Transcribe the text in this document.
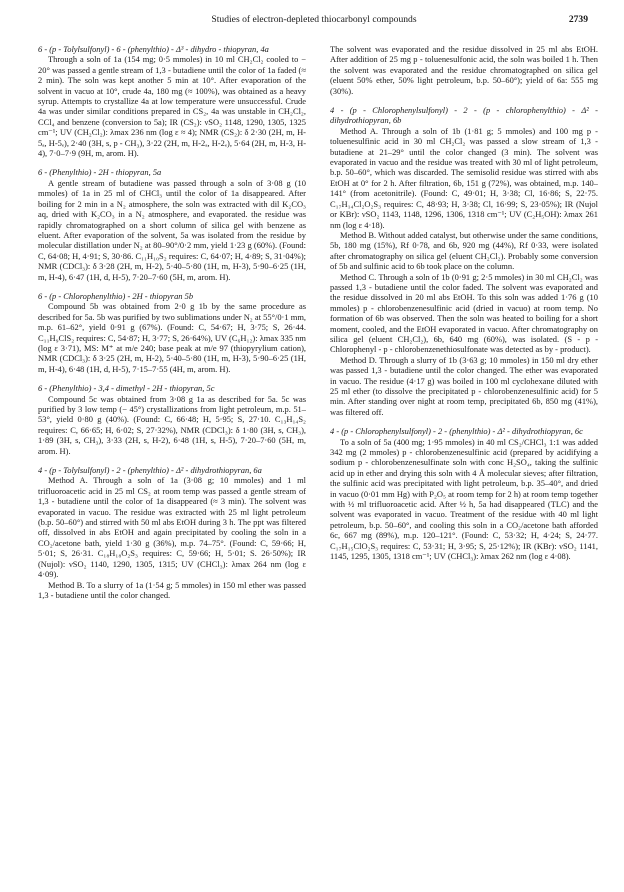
Studies of electron-depleted thiocarbonyl compounds	2739
6 - (p - Tolylsulfonyl) - 6 - (phenylthio) - Δ³ - dihydro - thiopyran, 4a

Through a soln of 1a (154 mg; 0·5 mmoles) in 10 ml CH₂Cl₂ cooled to − 20° was passed a gentle stream of 1,3 - butadiene until the color of 1a faded (≈ 2 min). The soln was kept another 5 min at 10°. After evaporation of the solvent in vacuo at 10°, crude 4a, 180 mg (≈ 100%), was obtained as a heavy syrup. Attempts to crystallize 4a at low temperature were unsuccessful. Crude 4a was under similar conditions prepared in CS₂, 4a was unstable in CH₂Cl₂, CCl₄ and benzene (conversion to 5a); IR (CS₂): νSO₂ 1148, 1290, 1305, 1325 cm⁻¹; UV (CH₂Cl₂): λmax 236 nm (log ε ≈ 4); NMR (CS₂): δ 2·30 (2H, m, H-5ₐ, H-5ₑ), 2·40 (3H, s, p - CH₃), 3·22 (2H, m, H-2ₐ, H-2ₑ), 5·64 (2H, m, H-3, H-4), 7·0–7·9 (9H, m, arom. H).

6 - (Phenylthio) - 2H - thiopyran, 5a

A gentle stream of butadiene was passed through a soln of 3·08 g (10 mmoles) of 1a in 25 ml of CHCl₃ until the color of 1a disappeared. After boiling for 2 min in a N₂ atmosphere, the soln was extracted with dil K₂CO₃ aq, dried with K₂CO₃ in a N₂ atmosphere, and evaporated. the residue was rapidly chromatographed on a short column of silica gel with benzene as eluent. After evaporation of the solvent, 5a was isolated from the residue by molecular distillation under N₂ at 80–90°/0·2 mm, yield 1·23 g (60%). (Found: C, 64·08; H, 4·91; S, 30·86. C₁₁H₁₀S₂ requires: C, 64·07; H, 4·89; S, 31·04%); NMR (CDCl₃): δ 3·28 (2H, m, H-2), 5·40–5·80 (1H, m, H-3), 5·90–6·25 (1H, m, H-4), 6·47 (1H, d, H-5), 7·20–7·60 (5H, m, arom. H).

6 - (p - Chlorophenylthio) - 2H - thiopyran 5b

Compound 5b was obtained from 2·0 g 1b by the same procedure as described for 5a. 5b was purified by two sublimations under N₂ at 55°/0·1 mm, m.p. 61–62°, yield 0·91 g (67%). (Found: C, 54·67; H, 3·75; S, 26·44. C₁₁H₉ClS₂ requires: C, 54·87; H, 3·77; S, 26·64%), UV (C₆H₁₂): λmax 335 nm (log ε 3·71), MS: M⁺ at m/e 240; base peak at m/e 97 (thiopyrylium cation), NMR (CDCl₃): δ 3·25 (2H, m, H-2), 5·40–5·80 (1H, m, H-3), 5·90–6·25 (1H, m, H-4), 6·48 (1H, d, H-5), 7·15–7·55 (4H, m, arom. H).

6 - (Phenylthio) - 3,4 - dimethyl - 2H - thiopyran, 5c

Compound 5c was obtained from 3·08 g 1a as described for 5a. 5c was purified by 3 low temp (− 45°) crystallizations from light petroleum, m.p. 51–53°, yield 0·80 g (40%). (Found: C, 66·48; H, 5·95; S, 27·10. C₁₃H₁₄S₂ requires: C, 66·65; H, 6·02; S, 27·32%), NMR (CDCl₃): δ 1·80 (3H, s, CH₃), 1·89 (3H, s, CH₃), 3·33 (2H, s, H-2), 6·48 (1H, s, H-5), 7·20–7·60 (5H, m, arom. H).

4 - (p - Tolylsulfonyl) - 2 - (phenylthio) - Δ² - dihydrothiopyran, 6a

Method A. Through a soln of 1a (3·08 g; 10 mmoles) and 1 ml trifluoroacetic acid in 25 ml CS₂ at room temp was passed a gentle stream of 1,3 - butadiene until the color of 1a disappeared (≈ 3 min). The solvent was evaporated in vacuo. The residue was extracted with 25 ml light petroleum (b.p. 50–60°) and stirred with 50 ml abs EtOH during 3 h. The ppt was filtered off, dissolved in abs EtOH and again precipitated by cooling the soln in a CO₂/acetone bath, yield 1·30 g (36%), m.p. 74–75°. (Found: C, 59·66; H, 5·01; S, 26·31. C₁₈H₁₈O₂S₃ requires: C, 59·66; H, 5·01; S. 26·50%); IR (Nujol): νSO₂ 1140, 1290, 1305, 1315; UV (CHCl₃): λmax 264 nm (log ε 4·09).

Method B. To a slurry of 1a (1·54 g; 5 mmoles) in 150 ml ether was passed 1,3 - butadiene until the color changed.

The solvent was evaporated and the residue dissolved in 25 ml abs EtOH. After addition of 25 mg p - toluenesulfonic acid, the soln was boiled 1 h. Then the solvent was evaporated and the residue chromatographed on silica gel (eluent 50% ether, 50% light petroleum, b.p. 50–60°); yield of 6a: 555 mg (30%).

4 - (p - Chlorophenylsulfonyl) - 2 - (p - chlorophenylthio) - Δ² - dihydrothiopyran, 6b

Method A. Through a soln of 1b (1·81 g; 5 mmoles) and 100 mg p - toluenesulfinic acid in 30 ml CH₂Cl₂ was passed a slow stream of 1,3 - butadiene at 21–29° until the color changed (3 min). The solvent was evaporated in vacuo and the residue was treated with 30 ml of light petroleum, b.p. 50–60°, which was discarded. The semisolid residue was stirred with abs EtOH at 0° for 2 h. After filtration, 6b, 151 g (72%), was obtained, m.p. 140–141° (from acetonitrile). (Found: C, 49·01; H, 3·38; Cl, 16·86; S, 22·75. C₁₇H₁₄Cl₂O₂S₃ requires: C, 48·93; H, 3·38; Cl, 16·99; S, 23·05%); IR (Nujol or KBr): νSO₂ 1143, 1148, 1296, 1306, 1318 cm⁻¹; UV (C₂H₅OH): λmax 261 nm (log ε 4·18).

Method B. Without added catalyst, but otherwise under the same conditions, 5b, 180 mg (15%), Rf 0·78, and 6b, 920 mg (44%), Rf 0·33, were isolated after chromatography on silica gel (eluent CH₂Cl₂). Probably some conversion of 5b and sulfinic acid to 6b took place on the column.

Method C. Through a soln of 1b (0·91 g; 2·5 mmoles) in 30 ml CH₂Cl₂ was passed 1,3 - butadiene until the color faded. The solvent was evaporated and the residue dissolved in 20 ml abs EtOH. To this soln was added 1·76 g (10 mmoles) p - chlorobenzenesulfinic acid (dried in vacuo) at room temp. No formation of 6b was observed. Then the soln was heated to boiling for a short moment, cooled, and the EtOH evaporated in vacuo. After chromatography on silica gel (eluent CH₂Cl₂), 6b, 640 mg (60%), was isolated. (S - p - Chlorophenyl - p - chlorobenzenethiosulfonate was detected as by - product).

Method D. Through a slurry of 1b (3·63 g; 10 mmoles) in 150 ml dry ether was passed 1,3 - butadiene until the color changed. The ether was evaporated in vacuo. The residue (4·17 g) was boiled in 100 ml cyclohexane diluted with 25 ml ether (to dissolve the precipitated p - chlorobenzenesulfinic acid) for 5 min. After standing over night at room temp, precipitated 6b, 850 mg (41%), was filtered off.

4 - (p - Chlorophenylsulfonyl) - 2 - (phenylthio) - Δ² - dihydrothiopyran, 6c

To a soln of 5a (400 mg; 1·95 mmoles) in 40 ml CS₂/CHCl₃ 1:1 was added 342 mg (2 mmoles) p - chlorobenzenesulfinic acid (prepared by acidifying a sodium p - chlorobenzenesulfinate soln with conc H₂SO₄, taking the sulfinic acid up in ether and drying this soln with 4 Å molecular sieves; after filtration, the sulfinic acid was precipitated with light petroleum, b.p. 35–40°, and dried in vacuo (0·01 mm Hg) with P₂O₅ at room temp for 2 h) at room temp together with ½ ml trifluoroacetic acid. After ½ h, 5a had disappeared (TLC) and the solvent was evaporated in vacuo. Treatment of the residue with 40 ml light petroleum, b.p. 50–60°, and cooling this soln in a CO₂/acetone bath afforded 6c, 667 mg (89%), m.p. 120–121°. (Found: C, 53·32; H, 4·24; S, 24·77. C₁₇H₁₅ClO₂S₃ requires: C, 53·31; H, 3·95; S, 25·12%); IR (KBr): νSO₂ 1141, 1145, 1295, 1305, 1318 cm⁻¹; UV (CHCl₃): λmax 262 nm (log ε 4·08).
